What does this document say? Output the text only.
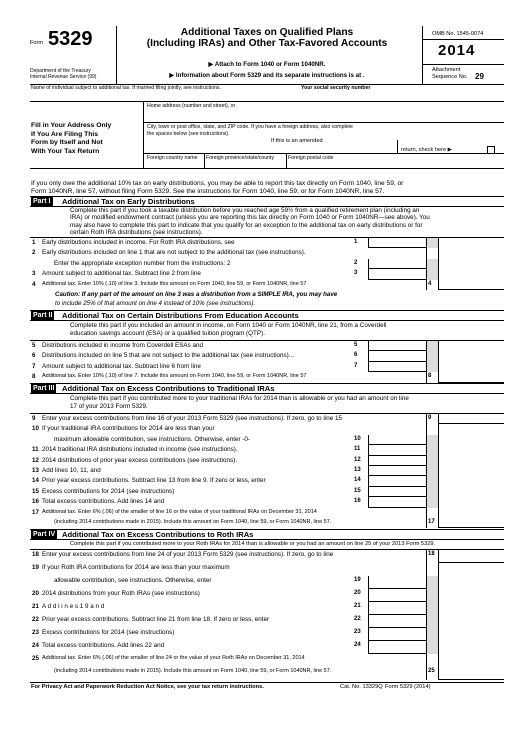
Form 5329
Department of the Treasury
Internal Revenue Service (99)
Additional Taxes on Qualified Plans
(Including IRAs) and Other Tax-Favored Accounts
▶ Attach to Form 1040 or Form 1040NR.
▶ Information about Form 5329 and its separate instructions is at .
OMB No. 1545-0074
2014
Attachment
Sequence No. 29
Name of individual subject to additional tax. If married filing jointly, see instructions.	Your social security number
Fill in Your Address Only
If You Are Filing This
Form by Itself and Not
With Your Tax Return
Home address (number and street), or
City, town or post office, state, and ZIP code. If you have a foreign address, also complete
the spaces below (see instructions).
If this is an amended
return, check here ▶
Foreign country name Foreign province/state/county	Foreign postal code
If you only owe the additional 10% tax on early distributions, you may be able to report this tax directly on Form 1040, line 59, or
Form 1040NR, line 57, without filing Form 5329. See the instructions for Form 1040, line 59, or for Form 1040NR, line 57.
Part I Additional Tax on Early Distributions
Complete this part if you took a taxable distribution before you reached age 59½ from a qualified retirement plan (including an
IRA) or modified endowment contract (unless you are reporting this tax directly on Form 1040 or Form 1040NR—see above). You
may also have to complete this part to indicate that you qualify for an exception to the additional tax on early distributions or for
certain Roth IRA distributions (see instructions).
1 Early distributions included in income. For Roth IRA distributions, see	1
2 Early distributions included on line 1 that are not subject to the additional tax (see instructions).
Enter the appropriate exception number from the instructions: 2	2
3 Amount subject to additional tax. Subtract line 2 from line	3
4 Additional tax. Enter 10% (.10) of line 3. Include this amount on Form 1040, line 59, or Form 1040NR, line 57	4
Caution: If any part of the amount on line 3 was a distribution from a SIMPLE IRA, you may have
to include 25% of that amount on line 4 instead of 10% (see instructions).
Part II Additional Tax on Certain Distributions From Education Accounts
Complete this part if you included an amount in income, on Form 1040 or Form 1040NR, line 21, from a Coverdell
education savings account (ESA) or a qualified tuition program (QTP).
5 Distributions included in income from Coverdell ESAs and	5
6 Distributions included on line 5 that are not subject to the additional tax (see instructions)...	6
7 Amount subject to additional tax. Subtract line 6 from line	7
8 Additional tax. Enter 10% (.10) of line 7. Include this amount on Form 1040, line 59, or Form 1040NR, line 57	8
Part III Additional Tax on Excess Contributions to Traditional IRAs
Complete this part if you contributed more to your traditional IRAs for 2014 than is allowable or you had an amount on line
17 of your 2013 Form 5329.
9 Enter your excess contributions from line 16 of your 2013 Form 5329 (see instructions). If zero, go to line 15	9
10 If your traditional IRA contributions for 2014 are less than your
maximum allowable contribution, see instructions. Otherwise, enter -0-	10
11 2014 traditional IRA distributions included in income (see instructions).	11
12 2014 distributions of prior year excess contributions (see instructions).	12
13 Add lines 10, 11, and	13
14 Prior year excess contributions. Subtract line 13 from line 9. If zero or less, enter	14
15 Excess contributions for 2014 (see instructions)	15
16 Total excess contributions. Add lines 14 and	16
17 Additional tax. Enter 6% (.06) of the smaller of line 16 or the value of your traditional IRAs on December 31, 2014
(including 2014 contributions made in 2015). Include this amount on Form 1040, line 59, or Form 1040NR, line 57.	17
Part IV Additional Tax on Excess Contributions to Roth IRAs
Complete this part if you contributed more to your Roth IRAs for 2014 than is allowable or you had an amount on line 25 of your 2013 Form 5329.
18 Enter your excess contributions from line 24 of your 2013 Form 5329 (see instructions). If zero, go to line	18
19 If your Roth IRA contributions for 2014 are less than your maximum
allowable contribution, see instructions. Otherwise, enter	19
20 2014 distributions from your Roth IRAs (see instructions)	20
21 A d d l i n e s 1 9 a n d	21
22 Prior year excess contributions. Subtract line 21 from line 18. If zero or less, enter	22
23 Excess contributions for 2014 (see instructions)	23
24 Total excess contributions. Add lines 22 and	24
25 Additional tax. Enter 6% (.06) of the smaller of line 24 or the value of your Roth IRAs on December 31, 2014
(including 2014 contributions made in 2015). Include this amount on Form 1040, line 59, or Form 1040NR, line 57.	25
For Privacy Act and Paperwork Reduction Act Notice, see your tax return instructions.	Cat. No. 13329Q Form 5329 (2014)
